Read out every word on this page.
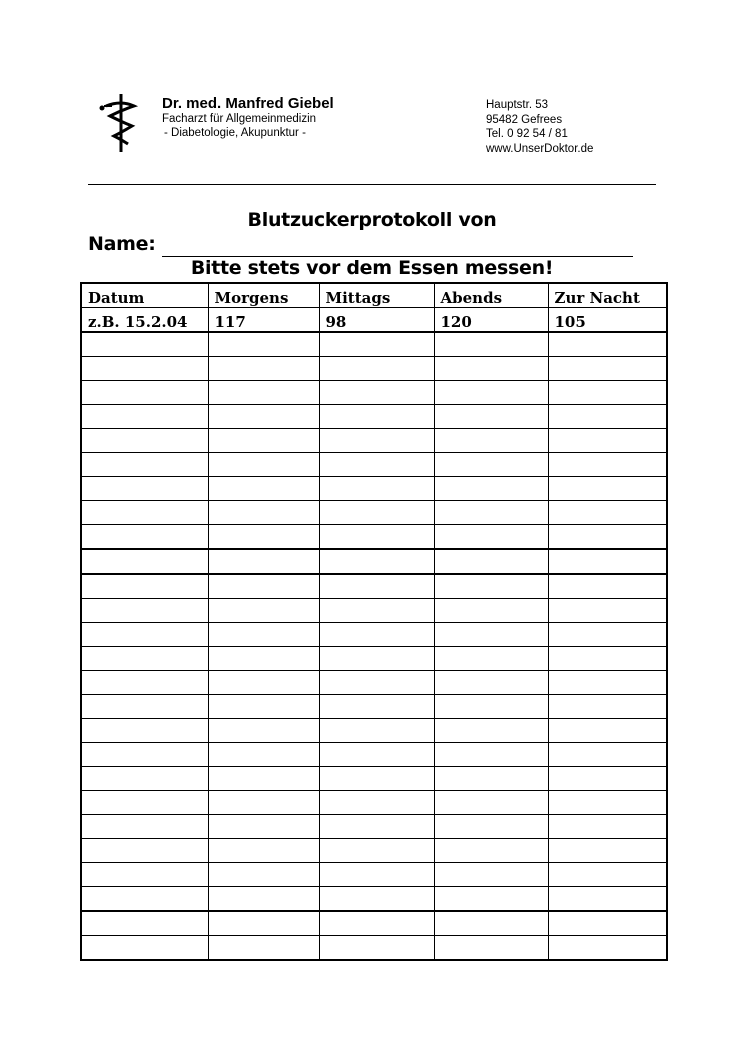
Dr. med. Manfred Giebel
Facharzt für Allgemeinmedizin
- Diabetologie, Akupunktur -
Hauptstr. 53
95482 Gefrees
Tel. 0 92 54 / 81
www.UnserDoktor.de
Blutzuckerprotokoll von
Name:
Bitte stets vor dem Essen messen!
Datum	Morgens	Mittags	Abends	Zur Nacht
z.B. 15.2.04	117	98	120	105
